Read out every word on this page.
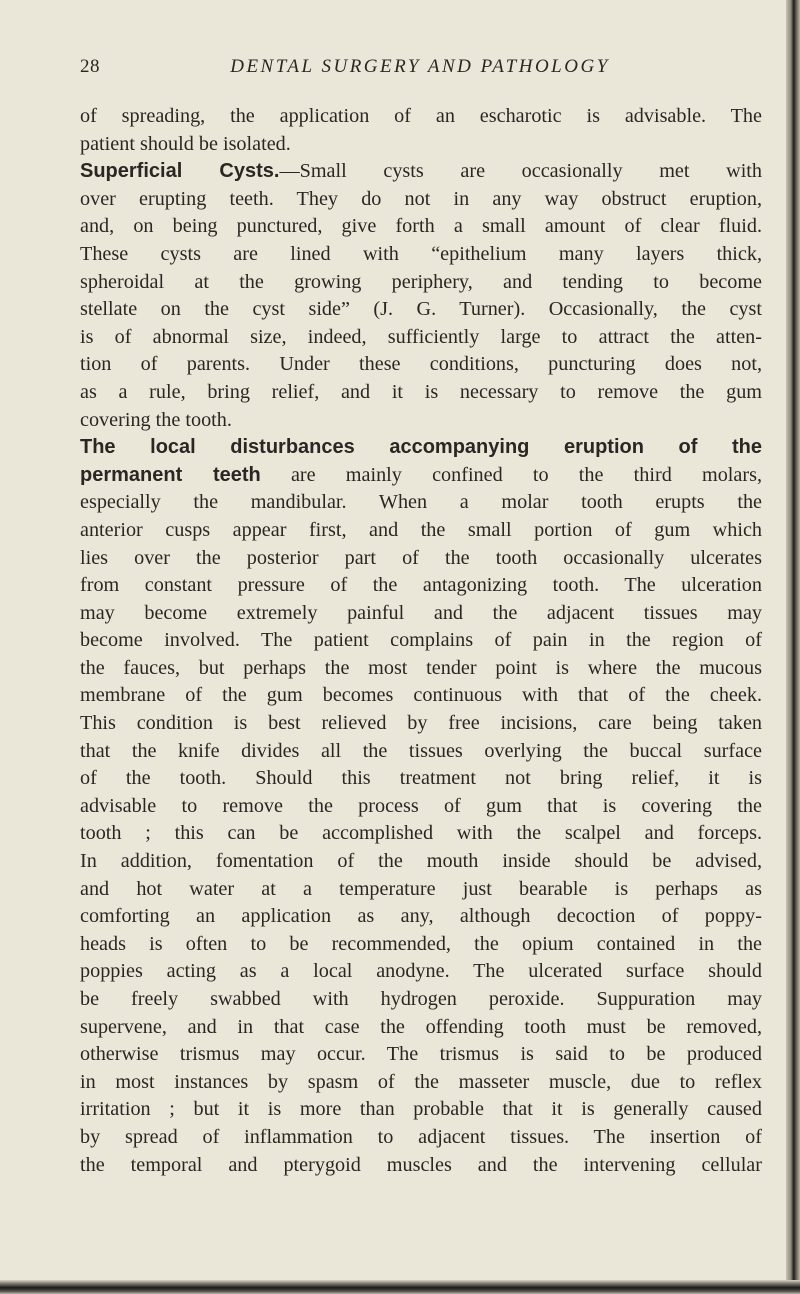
28	DENTAL SURGERY AND PATHOLOGY
of spreading, the application of an escharotic is advisable. The
patient should be isolated.
Superficial Cysts.—Small cysts are occasionally met with
over erupting teeth. They do not in any way obstruct eruption,
and, on being punctured, give forth a small amount of clear fluid.
These cysts are lined with “epithelium many layers thick,
spheroidal at the growing periphery, and tending to become
stellate on the cyst side” (J. G. Turner). Occasionally, the cyst
is of abnormal size, indeed, sufficiently large to attract the atten-
tion of parents. Under these conditions, puncturing does not,
as a rule, bring relief, and it is necessary to remove the gum
covering the tooth.
The local disturbances accompanying eruption of the
permanent teeth are mainly confined to the third molars,
especially the mandibular. When a molar tooth erupts the
anterior cusps appear first, and the small portion of gum which
lies over the posterior part of the tooth occasionally ulcerates
from constant pressure of the antagonizing tooth. The ulceration
may become extremely painful and the adjacent tissues may
become involved. The patient complains of pain in the region of
the fauces, but perhaps the most tender point is where the mucous
membrane of the gum becomes continuous with that of the cheek.
This condition is best relieved by free incisions, care being taken
that the knife divides all the tissues overlying the buccal surface
of the tooth. Should this treatment not bring relief, it is
advisable to remove the process of gum that is covering the
tooth ; this can be accomplished with the scalpel and forceps.
In addition, fomentation of the mouth inside should be advised,
and hot water at a temperature just bearable is perhaps as
comforting an application as any, although decoction of poppy-
heads is often to be recommended, the opium contained in the
poppies acting as a local anodyne. The ulcerated surface should
be freely swabbed with hydrogen peroxide. Suppuration may
supervene, and in that case the offending tooth must be removed,
otherwise trismus may occur. The trismus is said to be produced
in most instances by spasm of the masseter muscle, due to reflex
irritation ; but it is more than probable that it is generally caused
by spread of inflammation to adjacent tissues. The insertion of
the temporal and pterygoid muscles and the intervening cellular
